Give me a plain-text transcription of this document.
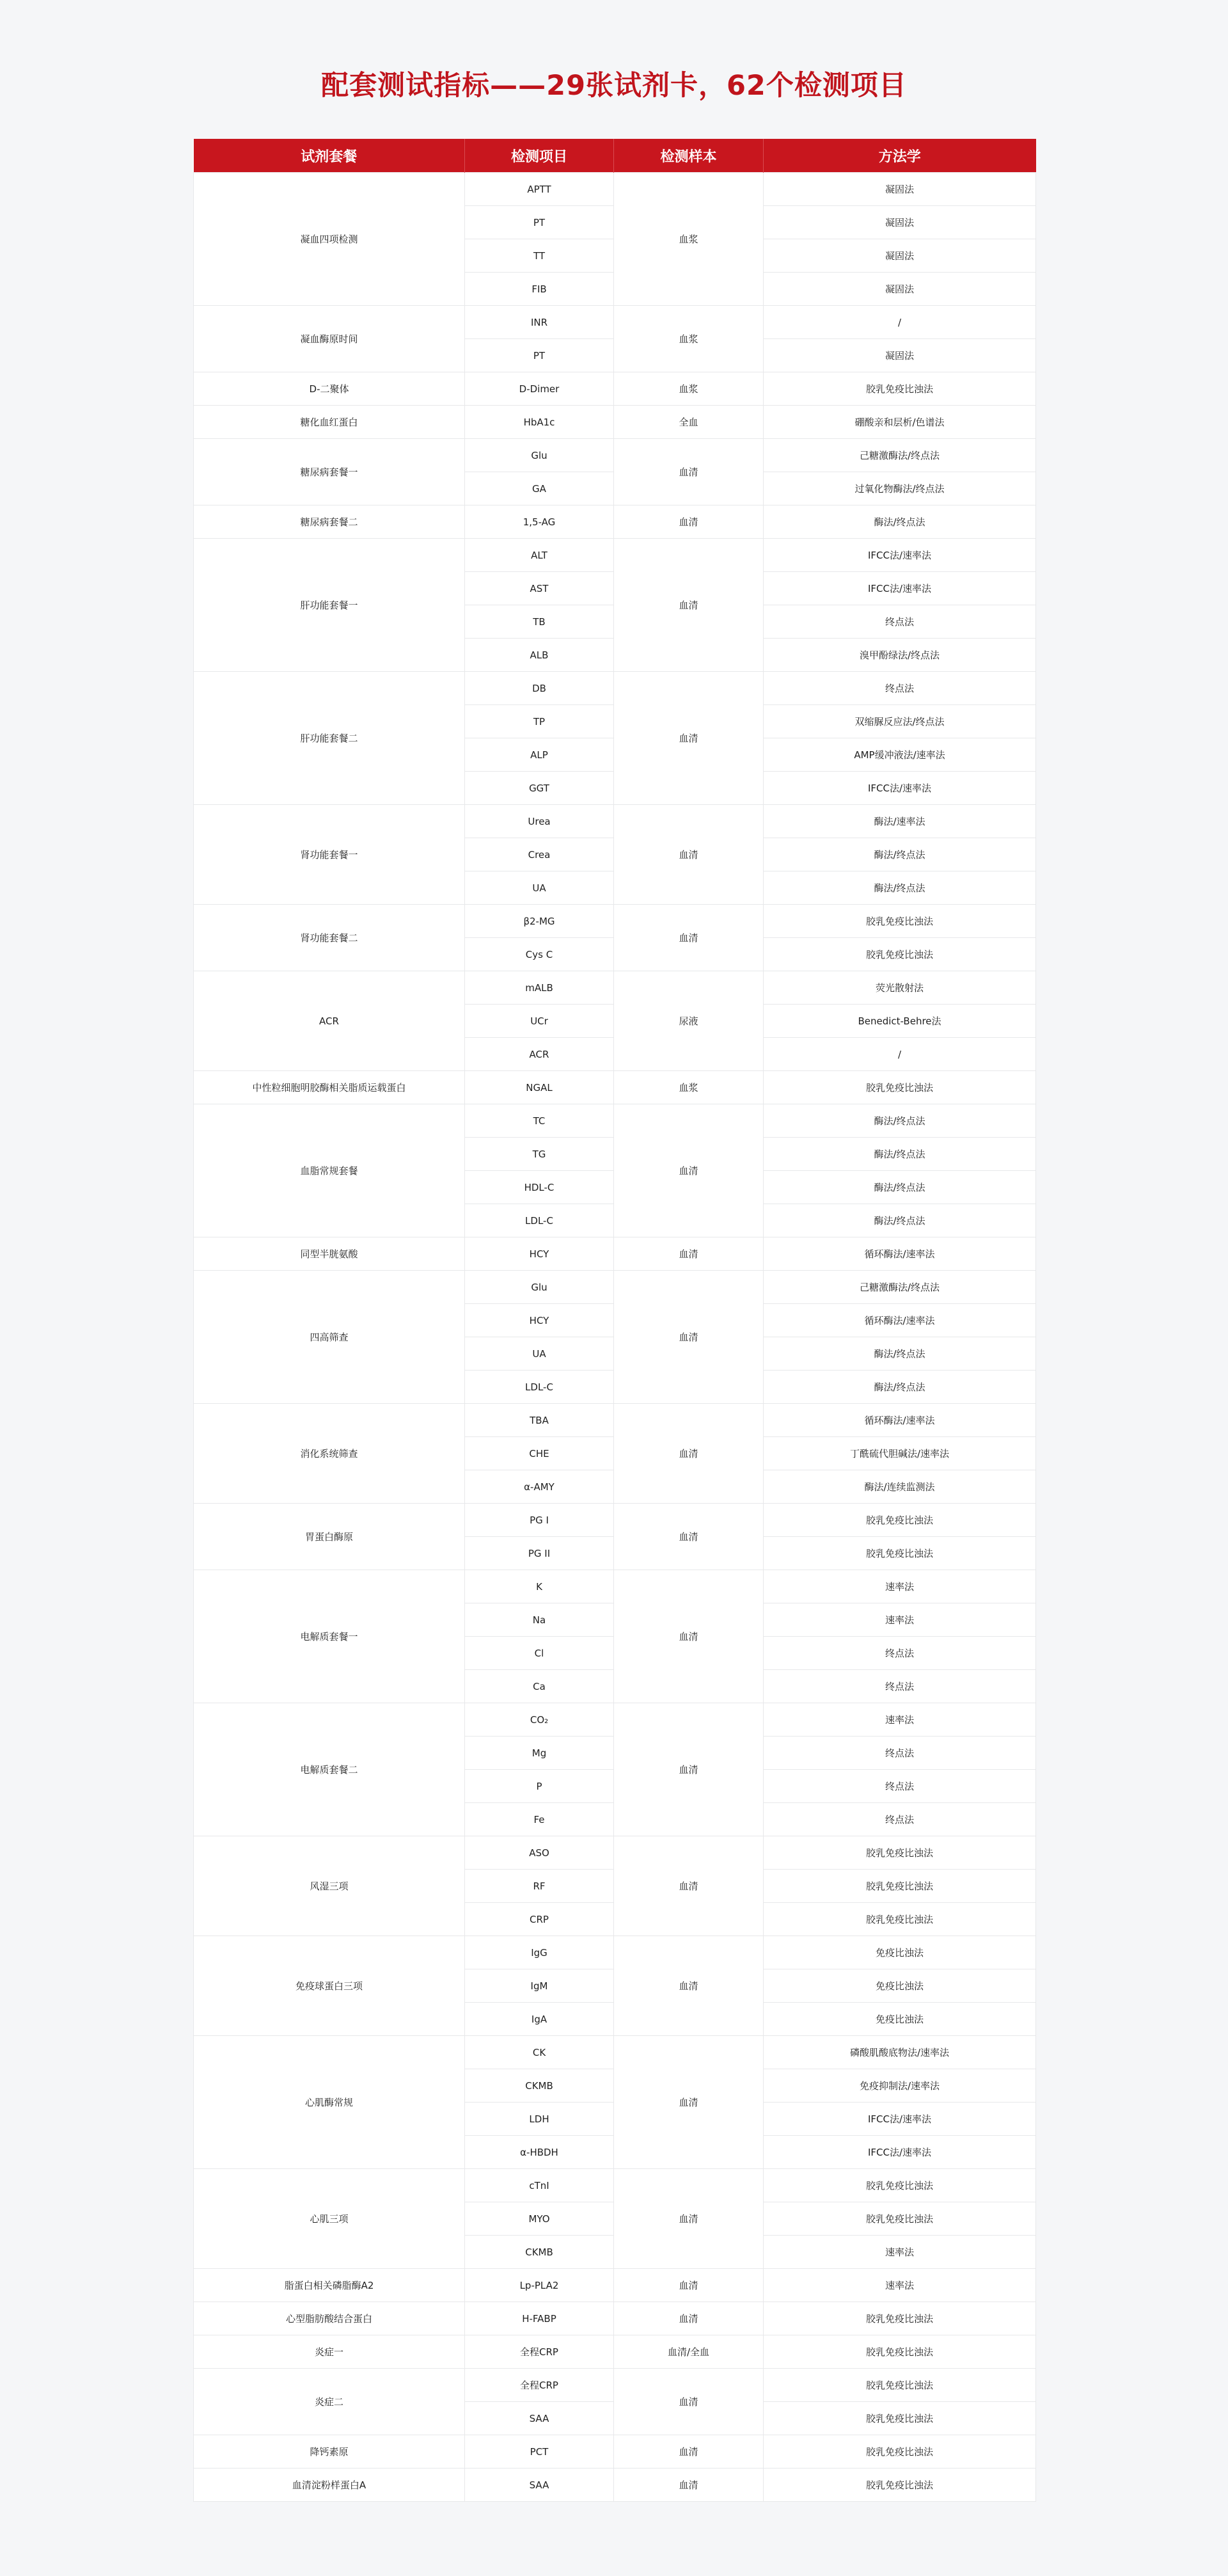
配套测试指标——29张试剂卡，62个检测项目
试剂套餐	检测项目	检测样本	方法学
凝血四项检测	APTT	血浆	凝固法
	PT		凝固法
	TT		凝固法
	FIB		凝固法
凝血酶原时间	INR	血浆	/
	PT		凝固法
D-二聚体	D-Dimer	血浆	胶乳免疫比浊法
糖化血红蛋白	HbA1c	全血	硼酸亲和层析/色谱法
糖尿病套餐一	Glu	血清	己糖激酶法/终点法
	GA		过氧化物酶法/终点法
糖尿病套餐二	1,5-AG	血清	酶法/终点法
肝功能套餐一	ALT	血清	IFCC法/速率法
	AST		IFCC法/速率法
	TB		终点法
	ALB		溴甲酚绿法/终点法
肝功能套餐二	DB	血清	终点法
	TP		双缩脲反应法/终点法
	ALP		AMP缓冲液法/速率法
	GGT		IFCC法/速率法
肾功能套餐一	Urea	血清	酶法/速率法
	Crea		酶法/终点法
	UA		酶法/终点法
肾功能套餐二	β2-MG	血清	胶乳免疫比浊法
	Cys C		胶乳免疫比浊法
ACR	mALB	尿液	荧光散射法
	UCr		Benedict-Behre法
	ACR		/
中性粒细胞明胶酶相关脂质运载蛋白	NGAL	血浆	胶乳免疫比浊法
血脂常规套餐	TC	血清	酶法/终点法
	TG		酶法/终点法
	HDL-C		酶法/终点法
	LDL-C		酶法/终点法
同型半胱氨酸	HCY	血清	循环酶法/速率法
四高筛查	Glu	血清	己糖激酶法/终点法
	HCY		循环酶法/速率法
	UA		酶法/终点法
	LDL-C		酶法/终点法
消化系统筛查	TBA	血清	循环酶法/速率法
	CHE		丁酰硫代胆碱法/速率法
	α-AMY		酶法/连续监测法
胃蛋白酶原	PG I	血清	胶乳免疫比浊法
	PG II		胶乳免疫比浊法
电解质套餐一	K	血清	速率法
	Na		速率法
	Cl		终点法
	Ca		终点法
电解质套餐二	CO₂	血清	速率法
	Mg		终点法
	P		终点法
	Fe		终点法
风湿三项	ASO	血清	胶乳免疫比浊法
	RF		胶乳免疫比浊法
	CRP		胶乳免疫比浊法
免疫球蛋白三项	IgG	血清	免疫比浊法
	IgM		免疫比浊法
	IgA		免疫比浊法
心肌酶常规	CK	血清	磷酸肌酸底物法/速率法
	CKMB		免疫抑制法/速率法
	LDH		IFCC法/速率法
	α-HBDH		IFCC法/速率法
心肌三项	cTnI	血清	胶乳免疫比浊法
	MYO		胶乳免疫比浊法
	CKMB		速率法
脂蛋白相关磷脂酶A2	Lp-PLA2	血清	速率法
心型脂肪酸结合蛋白	H-FABP	血清	胶乳免疫比浊法
炎症一	全程CRP	血清/全血	胶乳免疫比浊法
炎症二	全程CRP	血清	胶乳免疫比浊法
	SAA		胶乳免疫比浊法
降钙素原	PCT	血清	胶乳免疫比浊法
血清淀粉样蛋白A	SAA	血清	胶乳免疫比浊法
